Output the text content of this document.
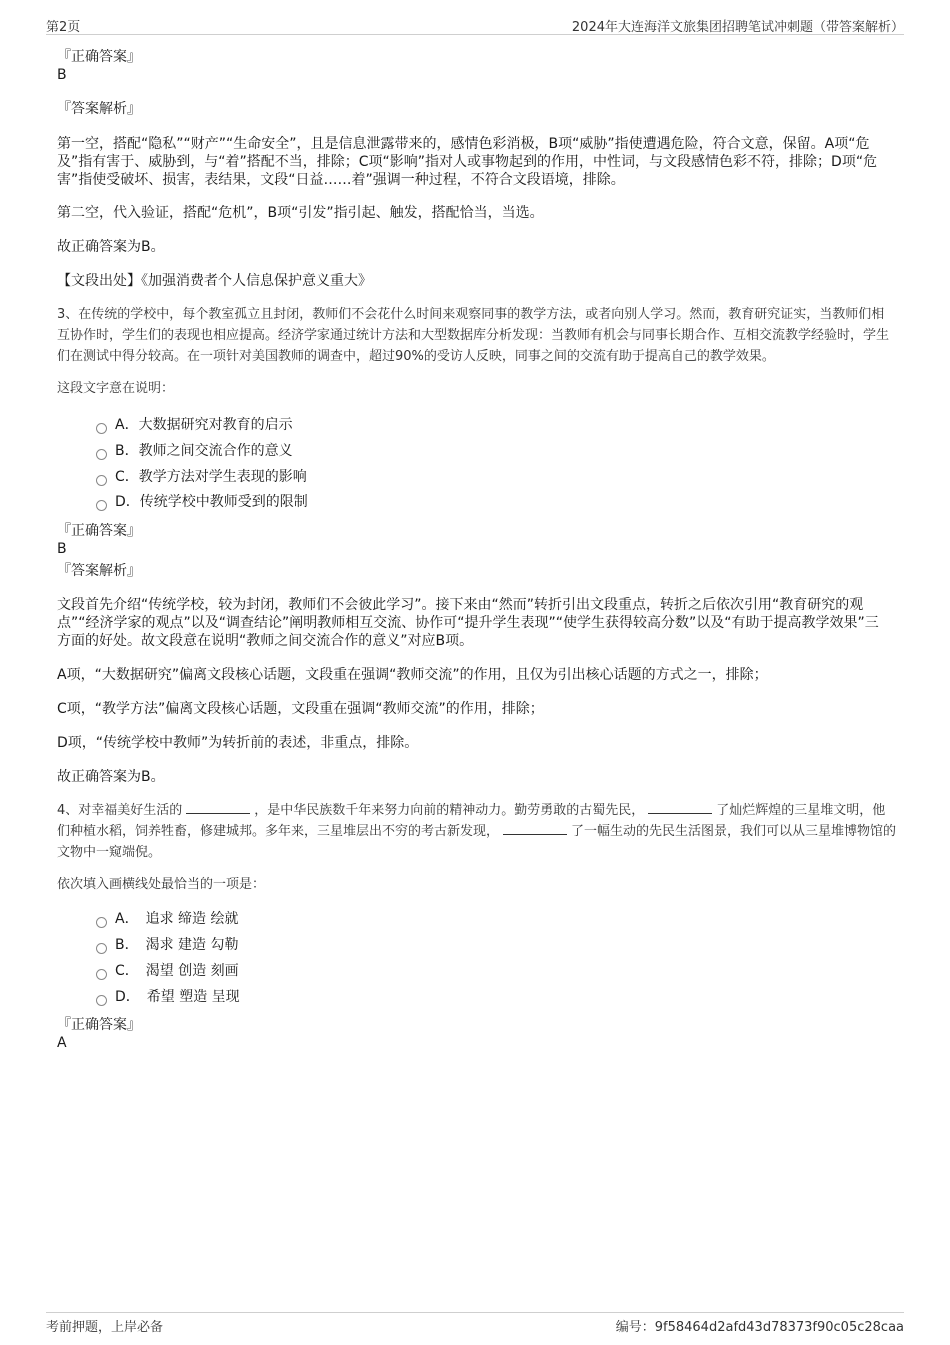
第2页	2024年大连海洋文旅集团招聘笔试冲刺题（带答案解析）
『正确答案』
B
『答案解析』
第一空，搭配“隐私”“财产”“生命安全”，且是信息泄露带来的，感情色彩消极，B项“威胁”指使遭遇危险，符合文意，保留。A项“危及”指有害于、威胁到，与“着”搭配不当，排除；C项“影响”指对人或事物起到的作用，中性词，与文段感情色彩不符，排除；D项“危害”指使受破坏、损害，表结果，文段“日益……着”强调一种过程，不符合文段语境，排除。
第二空，代入验证，搭配“危机”，B项“引发”指引起、触发，搭配恰当，当选。
故正确答案为B。
【文段出处】《加强消费者个人信息保护意义重大》
3、在传统的学校中，每个教室孤立且封闭，教师们不会花什么时间来观察同事的教学方法，或者向别人学习。然而，教育研究证实，当教师们相互协作时，学生们的表现也相应提高。经济学家通过统计方法和大型数据库分析发现：当教师有机会与同事长期合作、互相交流教学经验时，学生们在测试中得分较高。在一项针对美国教师的调查中，超过90%的受访人反映，同事之间的交流有助于提高自己的教学效果。
这段文字意在说明：
A．大数据研究对教育的启示
B．教师之间交流合作的意义
C．教学方法对学生表现的影响
D．传统学校中教师受到的限制
『正确答案』
B
『答案解析』
文段首先介绍“传统学校，较为封闭，教师们不会彼此学习”。接下来由“然而”转折引出文段重点，转折之后依次引用“教育研究的观点”“经济学家的观点”以及“调查结论”阐明教师相互交流、协作可“提升学生表现”“使学生获得较高分数”以及“有助于提高教学效果”三方面的好处。故文段意在说明“教师之间交流合作的意义”对应B项。
A项，“大数据研究”偏离文段核心话题，文段重在强调“教师交流”的作用，且仅为引出核心话题的方式之一，排除；
C项，“教学方法”偏离文段核心话题，文段重在强调“教师交流”的作用，排除；
D项，“传统学校中教师”为转折前的表述，非重点，排除。
故正确答案为B。
4、对幸福美好生活的	，是中华民族数千年来努力向前的精神动力。勤劳勇敢的古蜀先民，	了灿烂辉煌的三星堆文明，他们种植水稻，饲养牲畜，修建城邦。多年来，三星堆层出不穷的考古新发现，	了一幅生动的先民生活图景，我们可以从三星堆博物馆的文物中一窥端倪。
依次填入画横线处最恰当的一项是：
A．　追求 缔造 绘就
B．　渴求 建造 勾勒
C．　渴望 创造 刻画
D．　希望 塑造 呈现
『正确答案』
A
考前押题，上岸必备	编号：9f58464d2afd43d78373f90c05c28caa
